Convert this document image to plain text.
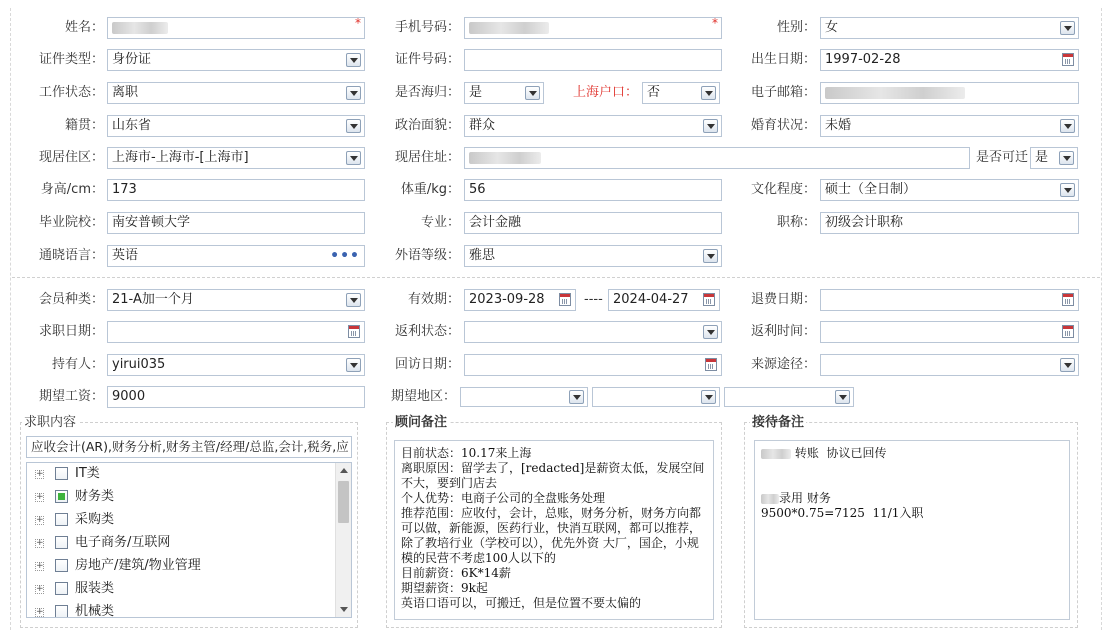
姓名：	*	手机号码：	*	性别： 女
证件类型： 身份证	证件号码：	出生日期： 1997-02-28
工作状态： 离职	是否海归： 是	上海户口： 否	电子邮箱：
籍贯： 山东省	政治面貌： 群众	婚育状况： 未婚
现居住区： 上海市-上海市-[上海市]	现居住址：	是否可迁 是
身高/cm： 173	体重/kg： 56	文化程度： 硕士（全日制）
毕业院校： 南安普顿大学	专业： 会计金融	职称： 初级会计职称
通晓语言： 英语	•••	外语等级： 雅思
会员种类： 21-A加一个月	有效期： 2023-09-28	---- 2024-04-27	退费日期：
求职日期：	返利状态：	返利时间：
持有人： yirui035	回访日期：	来源途径：
期望工资： 9000	期望地区：
求职内容
应收会计(AR),财务分析,财务主管/经理/总监,会计,税务,应
+ IT类
+ 财务类
+ 采购类
+ 电子商务/互联网
+ 房地产/建筑/物业管理
+ 服装类
+ 机械类
顾问备注
目前状态：10.17来上海
离职原因：留学去了，[redacted]是薪资太低，发展空间不大，要到门店去
个人优势：电商子公司的全盘账务处理
推荐范围：应收付，会计，总账，财务分析，财务方向都可以做，新能源，医药行业，快消互联网，都可以推荐，除了教培行业（学校可以），优先外资 大厂，国企，小规模的民营不考虑100人以下的
目前薪资：6K*14薪
期望薪资：9k起
英语口语可以，可搬迁，但是位置不要太偏的
接待备注
转账  协议已回传
录用 财务
9500*0.75=7125  11/1入职
